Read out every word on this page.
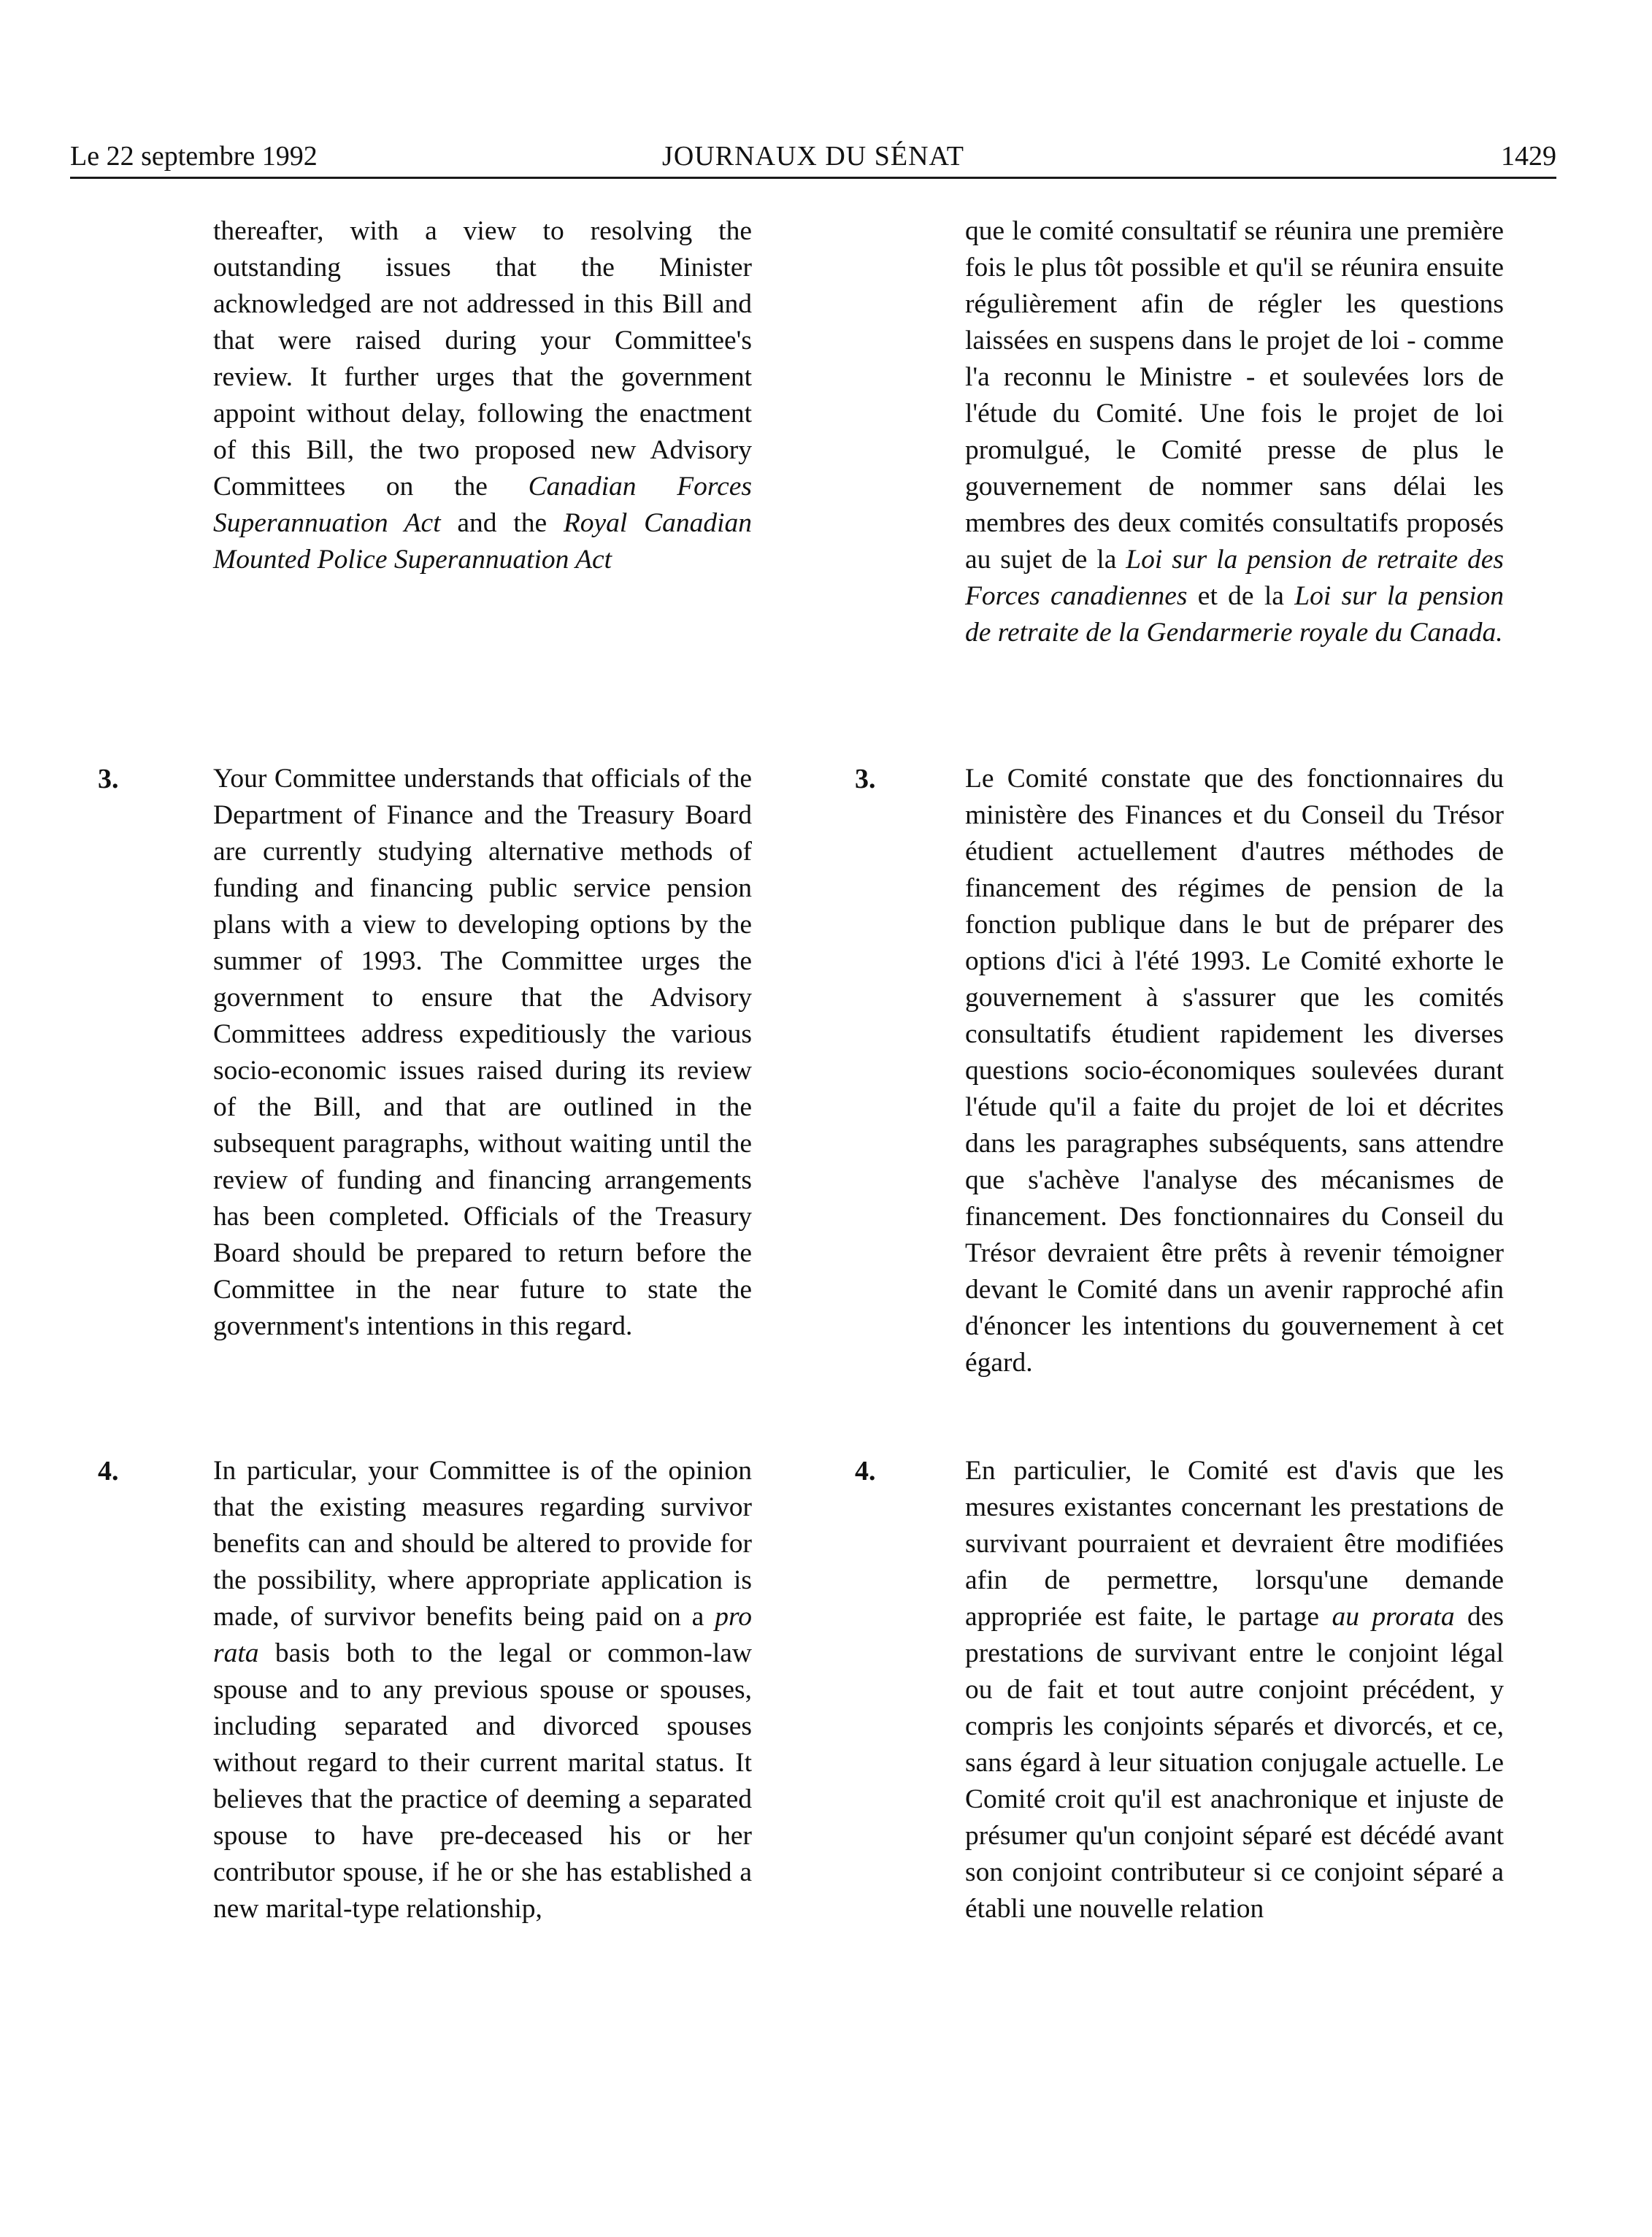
Le 22 septembre 1992	JOURNAUX DU SÉNAT	1429
thereafter, with a view to resolving the outstanding issues that the Minister acknowledged are not addressed in this Bill and that were raised during your Committee's review. It further urges that the government appoint without delay, following the enactment of this Bill, the two proposed new Advisory Committees on the Canadian Forces Superannuation Act and the Royal Canadian Mounted Police Superannuation Act
que le comité consultatif se réunira une première fois le plus tôt possible et qu'il se réunira ensuite régulièrement afin de régler les questions laissées en suspens dans le projet de loi - comme l'a reconnu le Ministre - et soulevées lors de l'étude du Comité. Une fois le projet de loi promulgué, le Comité presse de plus le gouvernement de nommer sans délai les membres des deux comités consultatifs proposés au sujet de la Loi sur la pension de retraite des Forces canadiennes et de la Loi sur la pension de retraite de la Gendarmerie royale du Canada.
3.	Your Committee understands that officials of the Department of Finance and the Treasury Board are currently studying alternative methods of funding and financing public service pension plans with a view to developing options by the summer of 1993. The Committee urges the government to ensure that the Advisory Committees address expeditiously the various socio-economic issues raised during its review of the Bill, and that are outlined in the subsequent paragraphs, without waiting until the review of funding and financing arrangements has been completed. Officials of the Treasury Board should be prepared to return before the Committee in the near future to state the government's intentions in this regard.
3.	Le Comité constate que des fonctionnaires du ministère des Finances et du Conseil du Trésor étudient actuellement d'autres méthodes de financement des régimes de pension de la fonction publique dans le but de préparer des options d'ici à l'été 1993. Le Comité exhorte le gouvernement à s'assurer que les comités consultatifs étudient rapidement les diverses questions socio-économiques soulevées durant l'étude qu'il a faite du projet de loi et décrites dans les paragraphes subséquents, sans attendre que s'achève l'analyse des mécanismes de financement. Des fonctionnaires du Conseil du Trésor devraient être prêts à revenir témoigner devant le Comité dans un avenir rapproché afin d'énoncer les intentions du gouvernement à cet égard.
4.	In particular, your Committee is of the opinion that the existing measures regarding survivor benefits can and should be altered to provide for the possibility, where appropriate application is made, of survivor benefits being paid on a pro rata basis both to the legal or common-law spouse and to any previous spouse or spouses, including separated and divorced spouses without regard to their current marital status. It believes that the practice of deeming a separated spouse to have pre-deceased his or her contributor spouse, if he or she has established a new marital-type relationship,
4.	En particulier, le Comité est d'avis que les mesures existantes concernant les prestations de survivant pourraient et devraient être modifiées afin de permettre, lorsqu'une demande appropriée est faite, le partage au prorata des prestations de survivant entre le conjoint légal ou de fait et tout autre conjoint précédent, y compris les conjoints séparés et divorcés, et ce, sans égard à leur situation conjugale actuelle. Le Comité croit qu'il est anachronique et injuste de présumer qu'un conjoint séparé est décédé avant son conjoint contributeur si ce conjoint séparé a établi une nouvelle relation
